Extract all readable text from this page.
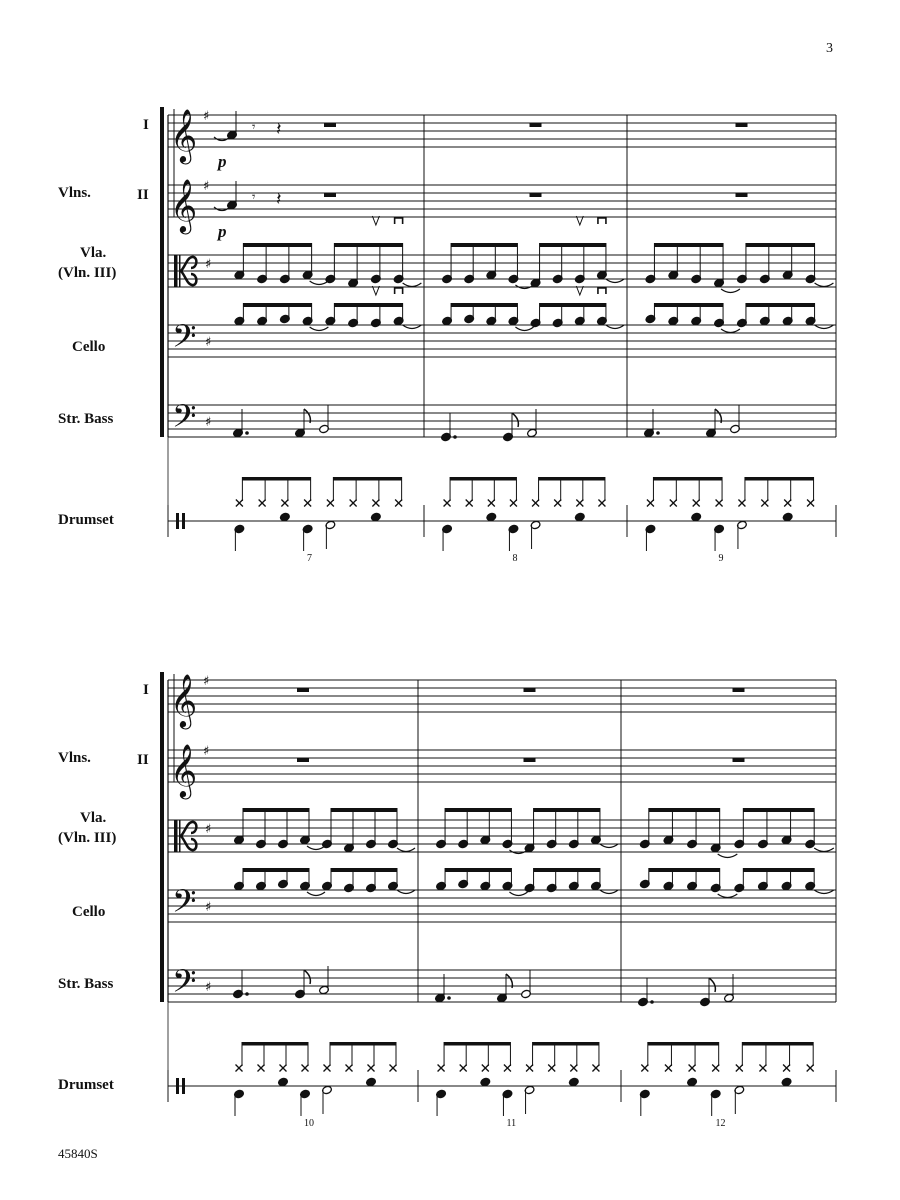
3
45840S
Vlns.
I
II
Vla.
(Vln. III)
Cello
Str. Bass
Drumset
𝄞
𝄞
𝄢
𝄢
♯
♯
♯
♯
♯
𝄾 𝄽
p
𝄾 𝄽
p
7	8	9
Vlns.
I
II
Vla.
(Vln. III)
Cello
Str. Bass
Drumset
𝄞
𝄞
𝄢
𝄢
♯
♯
♯
♯
♯
10	11	12
